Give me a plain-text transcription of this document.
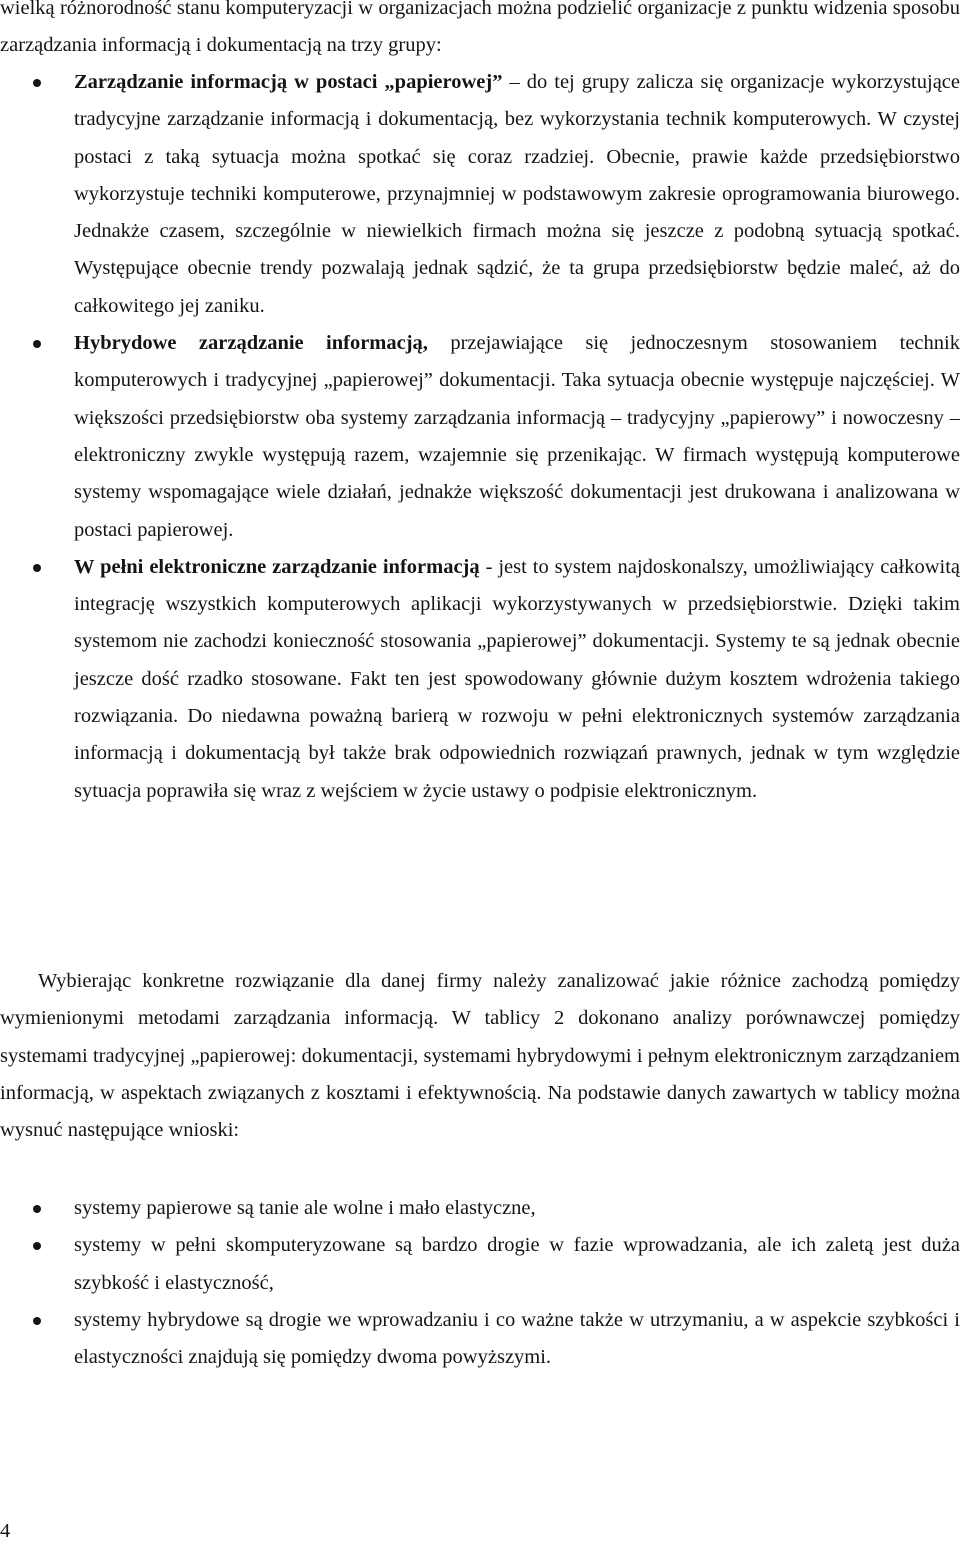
wielką różnorodność stanu komputeryzacji w organizacjach można podzielić organizacje z punktu widzenia sposobu zarządzania informacją i dokumentacją na trzy grupy:

Zarządzanie informacją w postaci „papierowej” – do tej grupy zalicza się organizacje wykorzystujące tradycyjne zarządzanie informacją i dokumentacją, bez wykorzystania technik komputerowych. W czystej postaci z taką sytuacja można spotkać się coraz rzadziej. Obecnie, prawie każde przedsiębiorstwo wykorzystuje techniki komputerowe, przynajmniej w podstawowym zakresie oprogramowania biurowego. Jednakże czasem, szczególnie w niewielkich firmach można się jeszcze z podobną sytuacją spotkać. Występujące obecnie trendy pozwalają jednak sądzić, że ta grupa przedsiębiorstw będzie maleć, aż do całkowitego jej zaniku.
Hybrydowe zarządzanie informacją, przejawiające się jednoczesnym stosowaniem technik komputerowych i tradycyjnej „papierowej” dokumentacji. Taka sytuacja obecnie występuje najczęściej. W większości przedsiębiorstw oba systemy zarządzania informacją – tradycyjny „papierowy” i nowoczesny – elektroniczny zwykle występują razem, wzajemnie się przenikając. W firmach występują komputerowe systemy wspomagające wiele działań, jednakże większość dokumentacji jest drukowana i analizowana w postaci papierowej.
W pełni elektroniczne zarządzanie informacją - jest to system najdoskonalszy, umożliwiający całkowitą integrację wszystkich komputerowych aplikacji wykorzystywanych w przedsiębiorstwie. Dzięki takim systemom nie zachodzi konieczność stosowania „papierowej” dokumentacji. Systemy te są jednak obecnie jeszcze dość rzadko stosowane. Fakt ten jest spowodowany głównie dużym kosztem wdrożenia takiego rozwiązania. Do niedawna poważną barierą w rozwoju w pełni elektronicznych systemów zarządzania informacją i dokumentacją był także brak odpowiednich rozwiązań prawnych, jednak w tym względzie sytuacja poprawiła się wraz z wejściem w życie ustawy o podpisie elektronicznym.

Wybierając konkretne rozwiązanie dla danej firmy należy zanalizować jakie różnice zachodzą pomiędzy wymienionymi metodami zarządzania informacją. W tablicy 2 dokonano analizy porównawczej pomiędzy systemami tradycyjnej „papierowej: dokumentacji, systemami hybrydowymi i pełnym elektronicznym zarządzaniem informacją, w aspektach związanych z kosztami i efektywnością. Na podstawie danych zawartych w tablicy można wysnuć następujące wnioski:

systemy papierowe są tanie ale wolne i mało elastyczne,
systemy w pełni skomputeryzowane są bardzo drogie w fazie wprowadzania, ale ich zaletą jest duża szybkość i elastyczność,
systemy hybrydowe są drogie we wprowadzaniu i co ważne także w utrzymaniu, a w aspekcie szybkości i elastyczności znajdują się pomiędzy dwoma powyższymi.
4
